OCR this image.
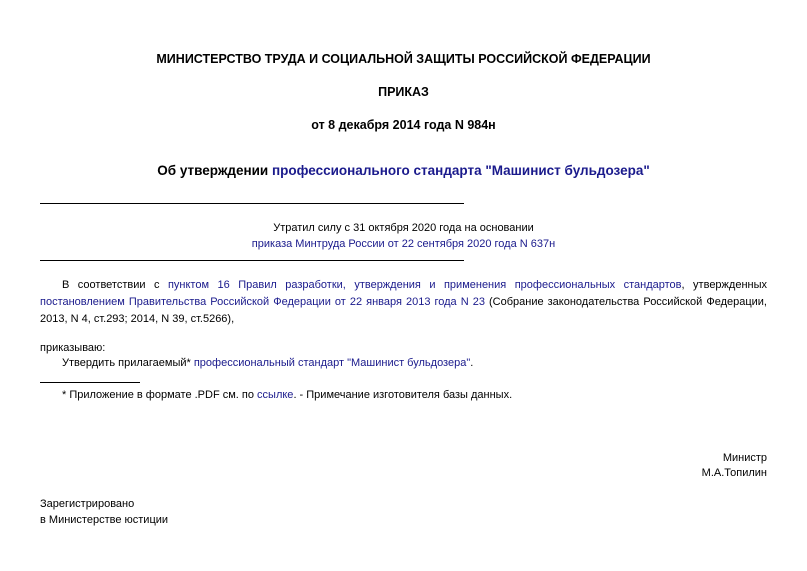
МИНИСТЕРСТВО ТРУДА И СОЦИАЛЬНОЙ ЗАЩИТЫ РОССИЙСКОЙ ФЕДЕРАЦИИ
ПРИКАЗ
от 8 декабря 2014 года N 984н
Об утверждении профессионального стандарта "Машинист бульдозера"
Утратил силу с 31 октября 2020 года на основании
приказа Минтруда России от 22 сентября 2020 года N 637н
В соответствии с пунктом 16 Правил разработки, утверждения и применения профессиональных стандартов, утвержденных постановлением Правительства Российской Федерации от 22 января 2013 года N 23 (Собрание законодательства Российской Федерации, 2013, N 4, ст.293; 2014, N 39, ст.5266),
приказываю:
Утвердить прилагаемый* профессиональный стандарт "Машинист бульдозера".
* Приложение в формате .PDF см. по ссылке. - Примечание изготовителя базы данных.
Министр
М.А.Топилин
Зарегистрировано
в Министерстве юстиции
